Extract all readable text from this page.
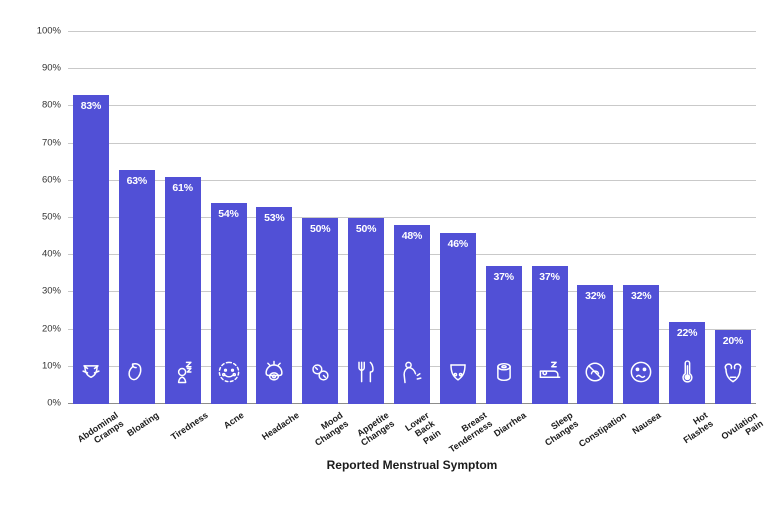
0%
10%
20%
30%
40%
50%
60%
70%
80%
90%
100%
83%
63%
61%
54% 53%
50% 50%
48%
46%
37% 37%
32% 32%
22%
20%
Abdominal
Cramps Bloating Tiredness Acne Headache	Mood
Changes Appetite
Changes Lower Back
Pain
Breast
Tenderness
Diarrhea	Sleep
Changes
Constipation Nausea	Hot Flashes Ovulation
Pain
Reported Menstrual Symptom
